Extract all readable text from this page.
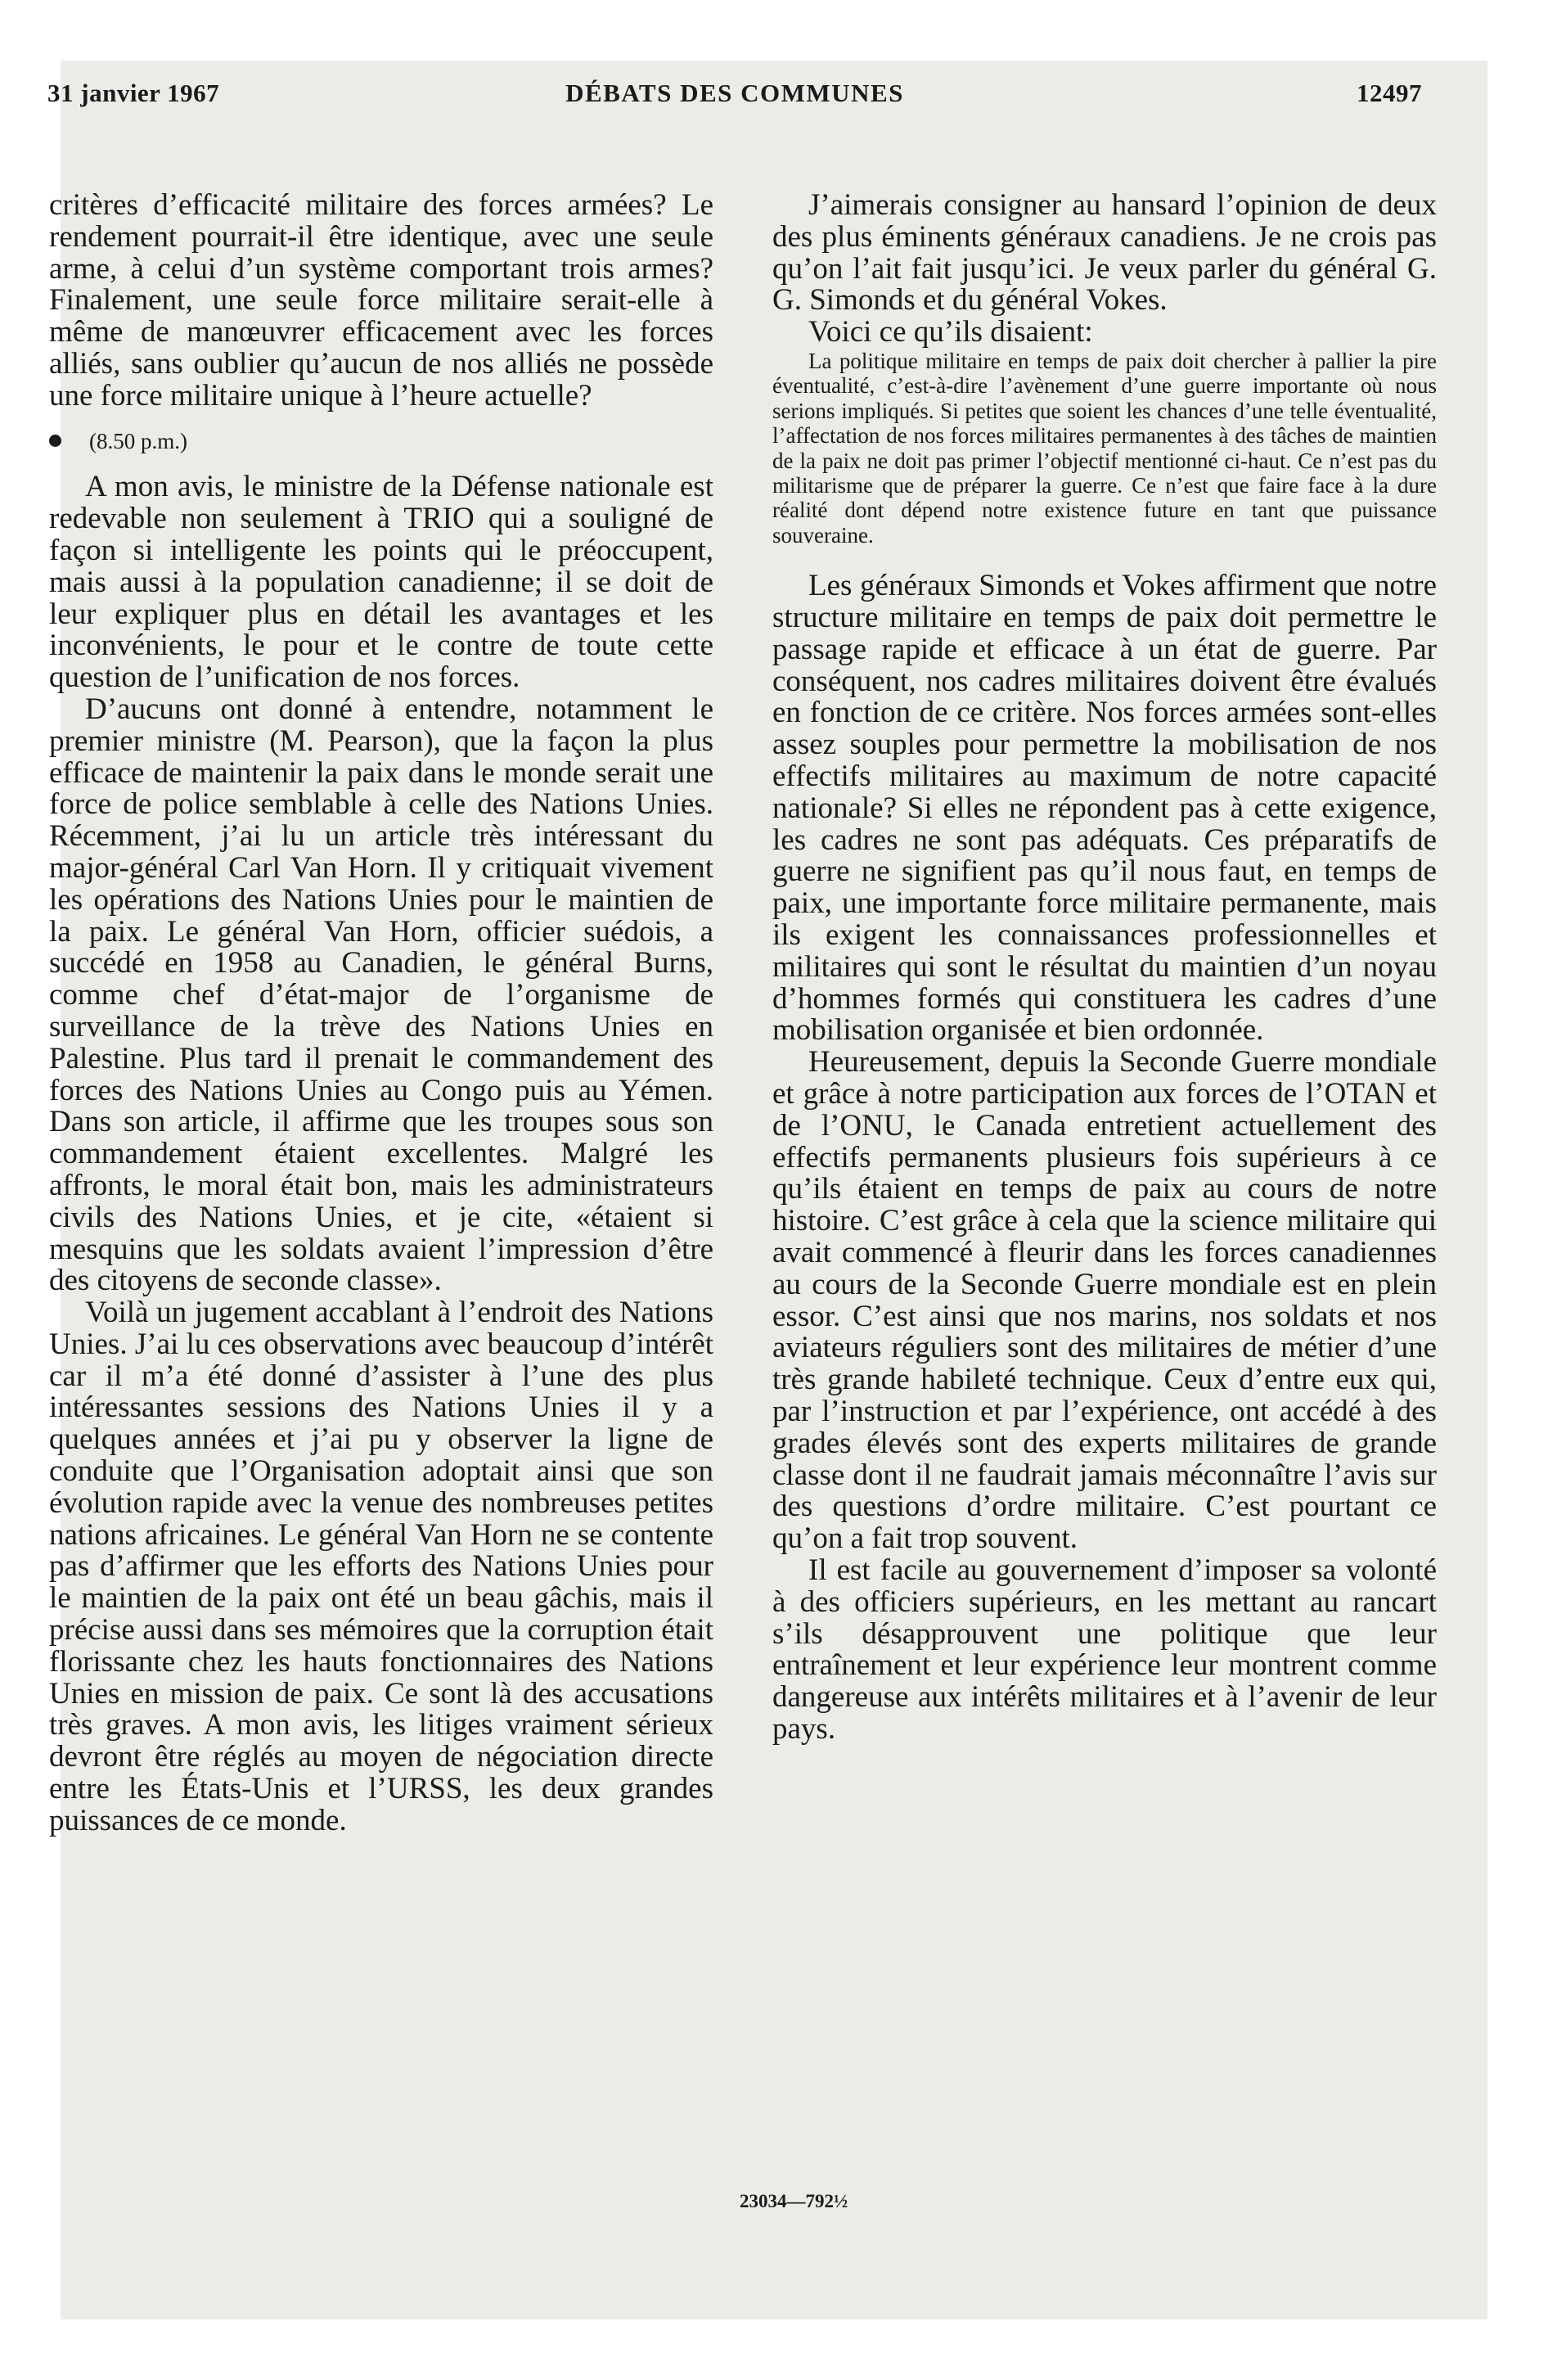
31 janvier 1967	DÉBATS DES COMMUNES	12497

critères d’efficacité militaire des forces armées? Le rendement pourrait-il être identique, avec une seule arme, à celui d’un système comportant trois armes? Finalement, une seule force militaire serait-elle à même de manœuvrer efficacement avec les forces alliés, sans oublier qu’aucun de nos alliés ne possède une force militaire unique à l’heure actuelle?

(8.50 p.m.)

A mon avis, le ministre de la Défense nationale est redevable non seulement à TRIO qui a souligné de façon si intelligente les points qui le préoccupent, mais aussi à la population canadienne; il se doit de leur expliquer plus en détail les avantages et les inconvénients, le pour et le contre de toute cette question de l’unification de nos forces.

D’aucuns ont donné à entendre, notamment le premier ministre (M. Pearson), que la façon la plus efficace de maintenir la paix dans le monde serait une force de police semblable à celle des Nations Unies. Récemment, j’ai lu un article très intéressant du major-général Carl Van Horn. Il y critiquait vivement les opérations des Nations Unies pour le maintien de la paix. Le général Van Horn, officier suédois, a succédé en 1958 au Canadien, le général Burns, comme chef d’état-major de l’organisme de surveillance de la trève des Nations Unies en Palestine. Plus tard il prenait le commandement des forces des Nations Unies au Congo puis au Yémen. Dans son article, il affirme que les troupes sous son commandement étaient excellentes. Malgré les affronts, le moral était bon, mais les administrateurs civils des Nations Unies, et je cite, «étaient si mesquins que les soldats avaient l’impression d’être des citoyens de seconde classe».

Voilà un jugement accablant à l’endroit des Nations Unies. J’ai lu ces observations avec beaucoup d’intérêt car il m’a été donné d’assister à l’une des plus intéressantes sessions des Nations Unies il y a quelques années et j’ai pu y observer la ligne de conduite que l’Organisation adoptait ainsi que son évolution rapide avec la venue des nombreuses petites nations africaines. Le général Van Horn ne se contente pas d’affirmer que les efforts des Nations Unies pour le maintien de la paix ont été un beau gâchis, mais il précise aussi dans ses mémoires que la corruption était florissante chez les hauts fonctionnaires des Nations Unies en mission de paix. Ce sont là des accusations très graves. A mon avis, les litiges vraiment sérieux devront être réglés au moyen de négociation directe entre les États-Unis et l’URSS, les deux grandes puissances de ce monde.

J’aimerais consigner au hansard l’opinion de deux des plus éminents généraux canadiens. Je ne crois pas qu’on l’ait fait jusqu’ici. Je veux parler du général G. G. Simonds et du général Vokes.

Voici ce qu’ils disaient:

La politique militaire en temps de paix doit chercher à pallier la pire éventualité, c’est-à-dire l’avènement d’une guerre importante où nous serions impliqués. Si petites que soient les chances d’une telle éventualité, l’affectation de nos forces militaires permanentes à des tâches de maintien de la paix ne doit pas primer l’objectif mentionné ci-haut. Ce n’est pas du militarisme que de préparer la guerre. Ce n’est que faire face à la dure réalité dont dépend notre existence future en tant que puissance souveraine.

Les généraux Simonds et Vokes affirment que notre structure militaire en temps de paix doit permettre le passage rapide et efficace à un état de guerre. Par conséquent, nos cadres militaires doivent être évalués en fonction de ce critère. Nos forces armées sont-elles assez souples pour permettre la mobilisation de nos effectifs militaires au maximum de notre capacité nationale? Si elles ne répondent pas à cette exigence, les cadres ne sont pas adéquats. Ces préparatifs de guerre ne signifient pas qu’il nous faut, en temps de paix, une importante force militaire permanente, mais ils exigent les connaissances professionnelles et militaires qui sont le résultat du maintien d’un noyau d’hommes formés qui constituera les cadres d’une mobilisation organisée et bien ordonnée.

Heureusement, depuis la Seconde Guerre mondiale et grâce à notre participation aux forces de l’OTAN et de l’ONU, le Canada entretient actuellement des effectifs permanents plusieurs fois supérieurs à ce qu’ils étaient en temps de paix au cours de notre histoire. C’est grâce à cela que la science militaire qui avait commencé à fleurir dans les forces canadiennes au cours de la Seconde Guerre mondiale est en plein essor. C’est ainsi que nos marins, nos soldats et nos aviateurs réguliers sont des militaires de métier d’une très grande habileté technique. Ceux d’entre eux qui, par l’instruction et par l’expérience, ont accédé à des grades élevés sont des experts militaires de grande classe dont il ne faudrait jamais méconnaître l’avis sur des questions d’ordre militaire. C’est pourtant ce qu’on a fait trop souvent.

Il est facile au gouvernement d’imposer sa volonté à des officiers supérieurs, en les mettant au rancart s’ils désapprouvent une politique que leur entraînement et leur expérience leur montrent comme dangereuse aux intérêts militaires et à l’avenir de leur pays.

23034—792½
